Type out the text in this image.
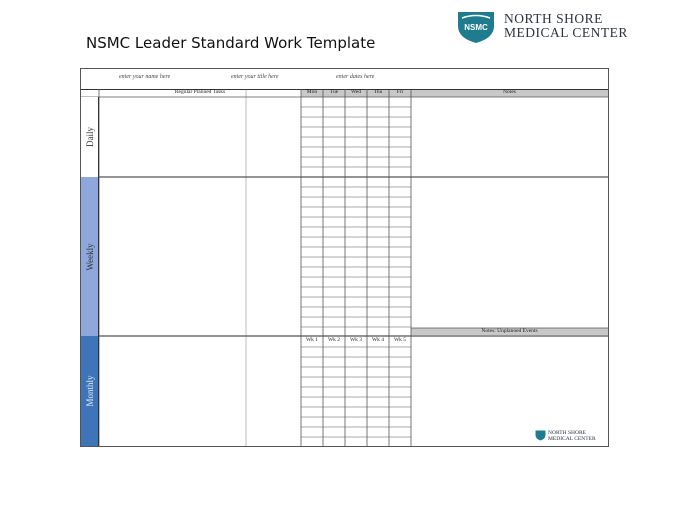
NSMC Leader Standard Work Template
NSMC
NORTH SHORE
MEDICAL CENTER
enter your name here	enter your title here	enter dates here
Regular Planned Tasks	Mon	Tue	Wed	Thu	Fri	Notes
Notes: Unplanned Events
Wk 1	Wk 2	Wk 3	Wk 4	Wk 5
Daily
Weekly
Monthly
NORTH SHORE
MEDICAL CENTER
